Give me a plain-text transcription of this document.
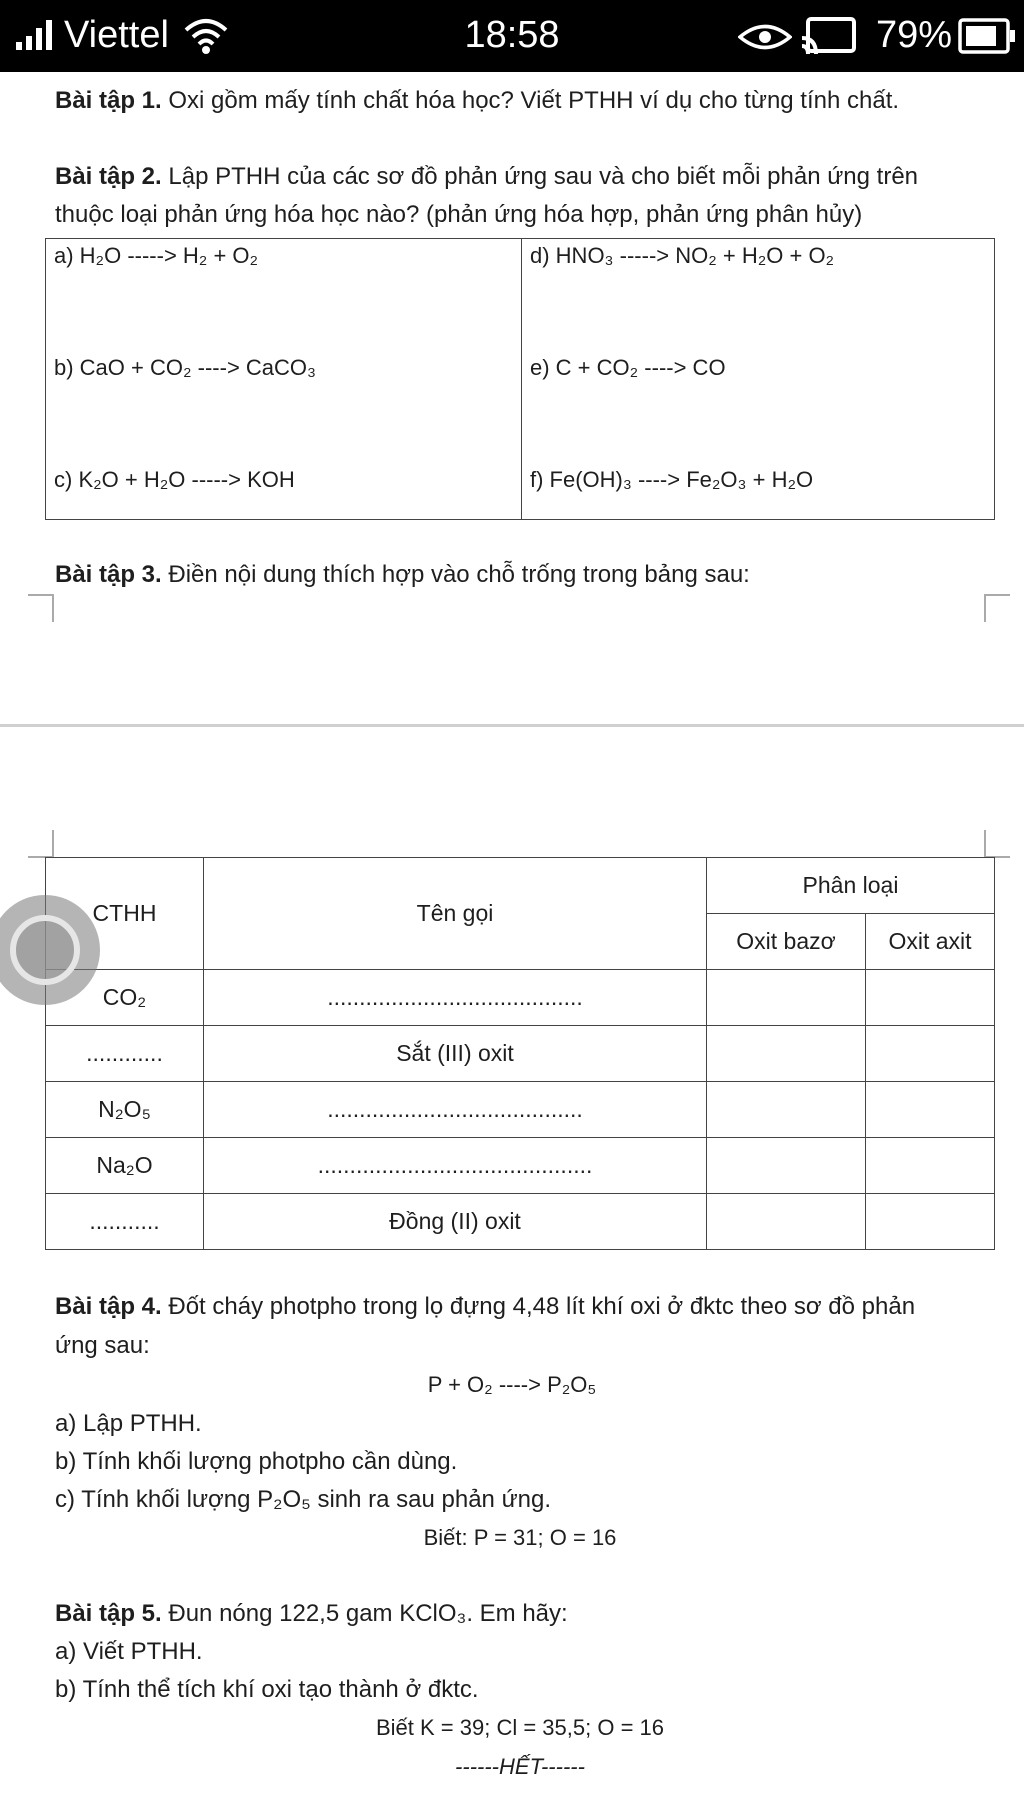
Viettel	18:58	79%
Bài tập 1. Oxi gồm mấy tính chất hóa học? Viết PTHH ví dụ cho từng tính chất.
Bài tập 2. Lập PTHH của các sơ đồ phản ứng sau và cho biết mỗi phản ứng trên
thuộc loại phản ứng hóa học nào? (phản ứng hóa hợp, phản ứng phân hủy)
a) H₂O -----> H₂ + O₂
b) CaO + CO₂ ----> CaCO₃
c) K₂O + H₂O -----> KOH

d) HNO₃ -----> NO₂ + H₂O + O₂
e) C + CO₂ ----> CO
f) Fe(OH)₃ ----> Fe₂O₃ + H₂O
Bài tập 3. Điền nội dung thích hợp vào chỗ trống trong bảng sau:
CTHH	Tên gọi	Phân loại	
		Oxit bazơ	Oxit axit
CO₂	........................................		
............	Sắt (III) oxit		
N₂O₅	........................................		
Na₂O	...........................................		
...........	Đồng (II) oxit		
Bài tập 4. Đốt cháy photpho trong lọ đựng 4,48 lít khí oxi ở đktc theo sơ đồ phản
ứng sau:
P + O₂ ----> P₂O₅
a) Lập PTHH.
b) Tính khối lượng photpho cần dùng.
c) Tính khối lượng P₂O₅ sinh ra sau phản ứng.
Biết: P = 31; O = 16
Bài tập 5. Đun nóng 122,5 gam KClO₃. Em hãy:
a) Viết PTHH.
b) Tính thể tích khí oxi tạo thành ở đktc.
Biết K = 39; Cl = 35,5; O = 16
------HẾT------
